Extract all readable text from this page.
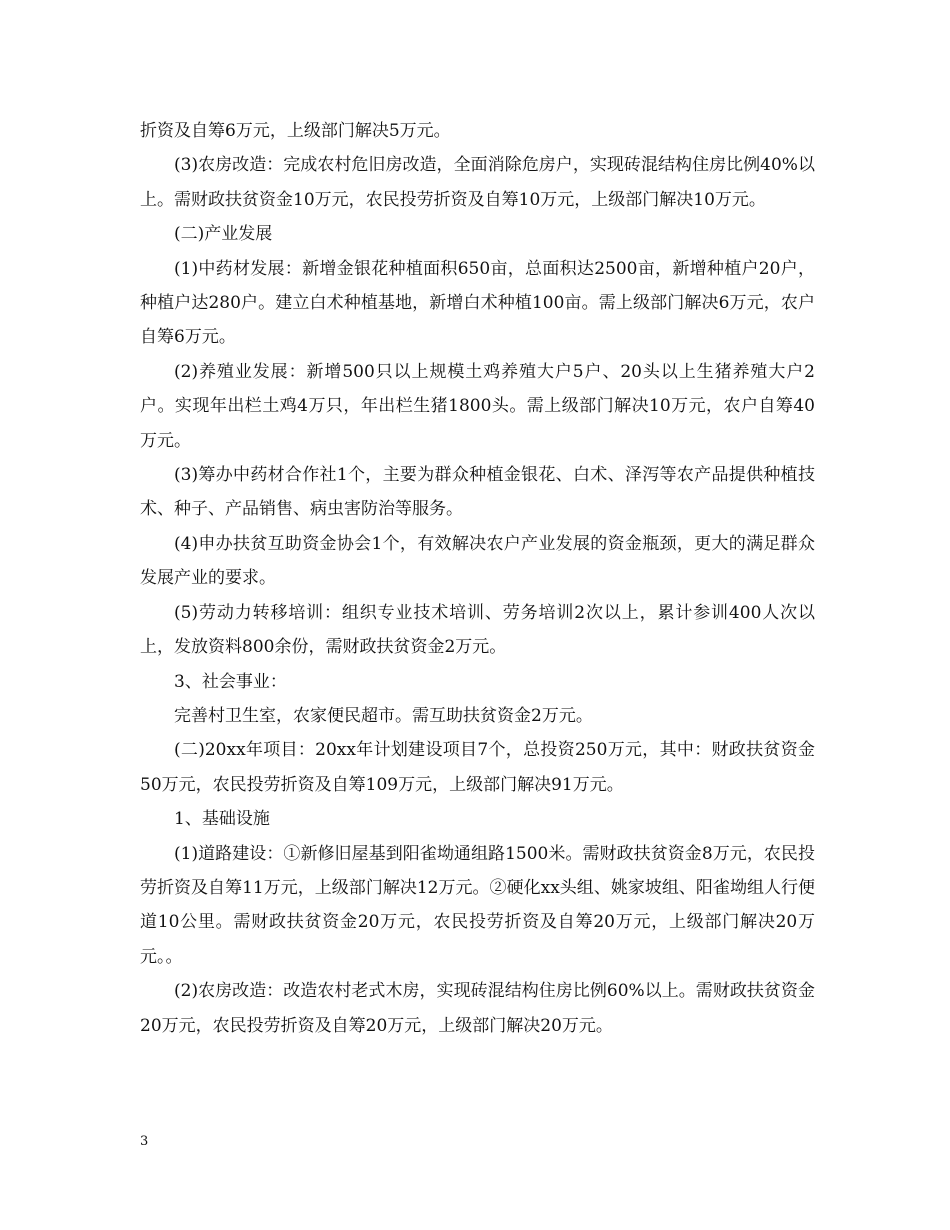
折资及自筹6万元，上级部门解决5万元。

(3)农房改造：完成农村危旧房改造，全面消除危房户，实现砖混结构住房比例40%以上。需财政扶贫资金10万元，农民投劳折资及自筹10万元，上级部门解决10万元。

(二)产业发展

(1)中药材发展：新增金银花种植面积650亩，总面积达2500亩，新增种植户20户，种植户达280户。建立白术种植基地，新增白术种植100亩。需上级部门解决6万元，农户自筹6万元。

(2)养殖业发展：新增500只以上规模土鸡养殖大户5户、20头以上生猪养殖大户2户。实现年出栏土鸡4万只，年出栏生猪1800头。需上级部门解决10万元，农户自筹40万元。

(3)筹办中药材合作社1个，主要为群众种植金银花、白术、泽泻等农产品提供种植技术、种子、产品销售、病虫害防治等服务。

(4)申办扶贫互助资金协会1个，有效解决农户产业发展的资金瓶颈，更大的满足群众发展产业的要求。

(5)劳动力转移培训：组织专业技术培训、劳务培训2次以上，累计参训400人次以上，发放资料800余份，需财政扶贫资金2万元。

3、社会事业：

完善村卫生室，农家便民超市。需互助扶贫资金2万元。

(二)20xx年项目：20xx年计划建设项目7个，总投资250万元，其中：财政扶贫资金50万元，农民投劳折资及自筹109万元，上级部门解决91万元。

1、基础设施

(1)道路建设：①新修旧屋基到阳雀坳通组路1500米。需财政扶贫资金8万元，农民投劳折资及自筹11万元，上级部门解决12万元。②硬化xx头组、姚家坡组、阳雀坳组人行便道10公里。需财政扶贫资金20万元，农民投劳折资及自筹20万元，上级部门解决20万元。。

(2)农房改造：改造农村老式木房，实现砖混结构住房比例60%以上。需财政扶贫资金20万元，农民投劳折资及自筹20万元，上级部门解决20万元。

3
